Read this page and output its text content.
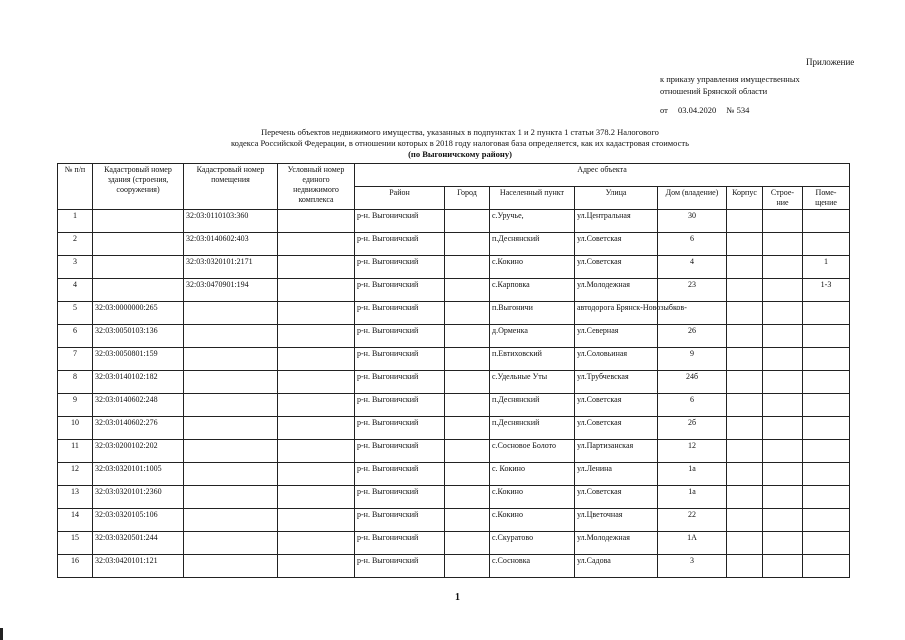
Приложение
к приказу управления имущественных
отношений Брянской области
от 03.04.2020 № 534
Перечень объектов недвижимого имущества, указанных в подпунктах 1 и 2 пункта 1 статьи 378.2 Налогового
кодекса Российской Федерации, в отношении которых в 2018 году налоговая база определяется, как их кадастровая стоимость
(по Выгоничскому району)
№ п/п	Кадастровый номер здания (строения, сооружения)	Кадастровый номер помещения	Условный номер единого недвижимого комплекса	Адрес объекта							
				Район	Город	Населенный пункт	Улица	Дом (владение)	Корпус	Строе-ние	Поме-щение
1		32:03:0110103:360		р-н. Выгоничский		с.Уручье,	ул.Центральная	30			
2		32:03:0140602:403		р-н. Выгоничский		п.Деснянский	ул.Советская	6			
3		32:03:0320101:2171		р-н. Выгоничский		с.Кокино	ул.Советская	4			1
4		32:03:0470901:194		р-н. Выгоничский		с.Карповка	ул.Молодежная	23			1-3
5	32:03:0000000:265			р-н. Выгоничский		п.Выгоничи	автодорога Брянск-Новозыбков-				
6	32:03:0050103:136			р-н. Выгоничский		д.Орменка	ул.Северная	26			
7	32:03:0050801:159			р-н. Выгоничский		п.Евтиховский	ул.Соловьиная	9			
8	32:03:0140102:182			р-н. Выгоничский		с.Удельные Уты	ул.Трубчевская	24б			
9	32:03:0140602:248			р-н. Выгоничский		п.Деснянский	ул.Советская	6			
10	32:03:0140602:276			р-н. Выгоничский		п.Деснянский	ул.Советская	2б			
11	32:03:0200102:202			р-н. Выгоничский		с.Сосновое Болото	ул.Партизанская	12			
12	32:03:0320101:1005			р-н. Выгоничский		с. Кокино	ул.Ленина	1а			
13	32:03:0320101:2360			р-н. Выгоничский		с.Кокино	ул.Советская	1а			
14	32:03:0320105:106			р-н. Выгоничский		с.Кокино	ул.Цветочная	22			
15	32:03:0320501:244			р-н. Выгоничский		с.Скуратово	ул.Молодежная	1А			
16	32:03:0420101:121			р-н. Выгоничский		с.Сосновка	ул.Садова	3			
1
